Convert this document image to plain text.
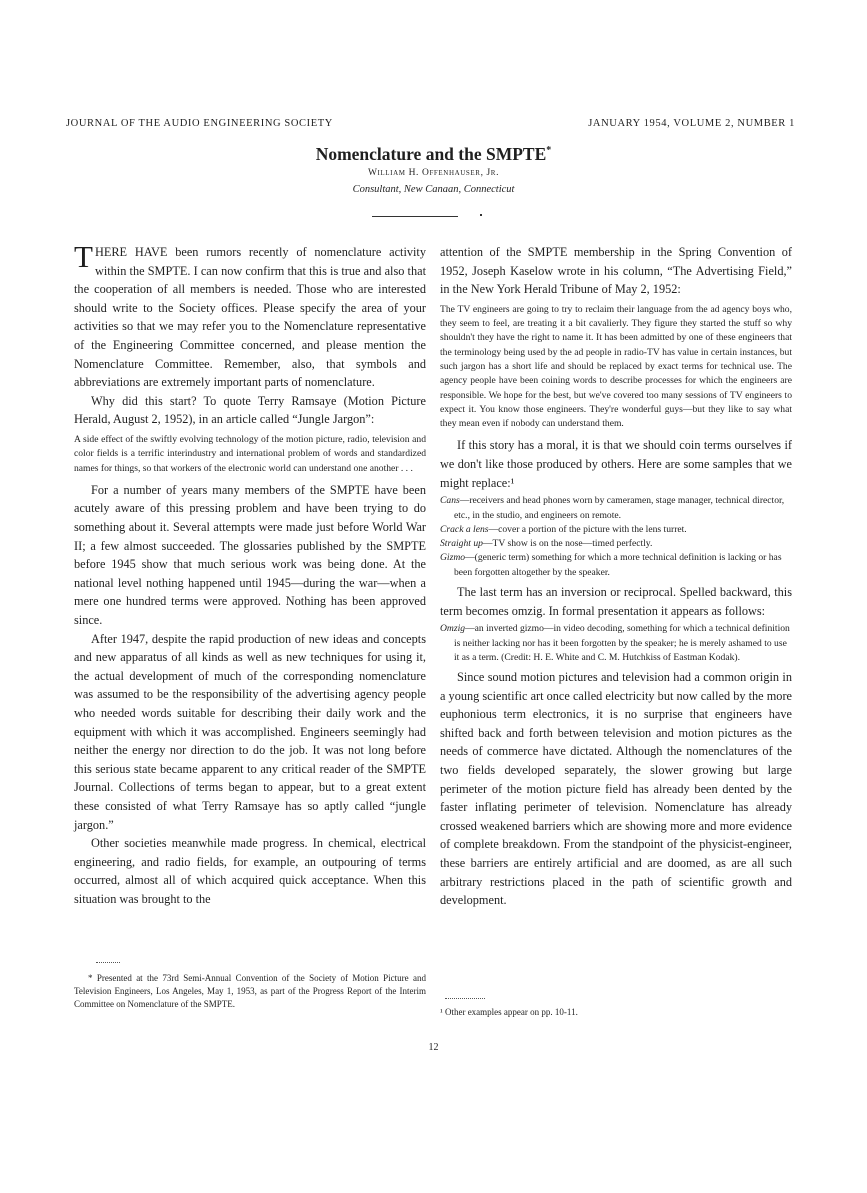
JOURNAL OF THE AUDIO ENGINEERING SOCIETY	JANUARY 1954, VOLUME 2, NUMBER 1
Nomenclature and the SMPTE*
William H. Offenhauser, Jr.
Consultant, New Canaan, Connecticut

THERE HAVE been rumors recently of nomenclature activity within the SMPTE. I can now confirm that this is true and also that the cooperation of all members is needed. Those who are interested should write to the Society offices. Please specify the area of your activities so that we may refer you to the Nomenclature representative of the Engineering Committee concerned, and please mention the Nomenclature Committee. Remember, also, that symbols and abbreviations are extremely important parts of nomenclature.

Why did this start? To quote Terry Ramsaye (Motion Picture Herald, August 2, 1952), in an article called “Jungle Jargon”:

A side effect of the swiftly evolving technology of the motion picture, radio, television and color fields is a terrific interindustry and international problem of words and standardized names for things, so that workers of the electronic world can understand one another . . .

For a number of years many members of the SMPTE have been acutely aware of this pressing problem and have been trying to do something about it. Several attempts were made just before World War II; a few almost succeeded. The glossaries published by the SMPTE before 1945 show that much serious work was being done. At the national level nothing happened until 1945—during the war—when a mere one hundred terms were approved. Nothing has been approved since.

After 1947, despite the rapid production of new ideas and concepts and new apparatus of all kinds as well as new techniques for using it, the actual development of much of the corresponding nomenclature was assumed to be the responsibility of the advertising agency people who needed words suitable for describing their daily work and the equipment with which it was accomplished. Engineers seemingly had neither the energy nor direction to do the job. It was not long before this serious state became apparent to any critical reader of the SMPTE Journal. Collections of terms began to appear, but to a great extent these consisted of what Terry Ramsaye has so aptly called “jungle jargon.”

Other societies meanwhile made progress. In chemical, electrical engineering, and radio fields, for example, an outpouring of terms occurred, almost all of which acquired quick acceptance. When this situation was brought to the

attention of the SMPTE membership in the Spring Convention of 1952, Joseph Kaselow wrote in his column, “The Advertising Field,” in the New York Herald Tribune of May 2, 1952:

The TV engineers are going to try to reclaim their language from the ad agency boys who, they seem to feel, are treating it a bit cavalierly. They figure they started the stuff so why shouldn't they have the right to name it. It has been admitted by one of these engineers that the terminology being used by the ad people in radio-TV has value in certain instances, but such jargon has a short life and should be replaced by exact terms for technical use. The agency people have been coining words to describe processes for which the engineers are responsible. We hope for the best, but we've covered too many sessions of TV engineers to expect it. You know those engineers. They're wonderful guys—but they like to say what they mean even if nobody can understand them.

If this story has a moral, it is that we should coin terms ourselves if we don't like those produced by others. Here are some samples that we might replace:¹

Cans—receivers and head phones worn by cameramen, stage manager, technical director, etc., in the studio, and engineers on remote.
Crack a lens—cover a portion of the picture with the lens turret.
Straight up—TV show is on the nose—timed perfectly.
Gizmo—(generic term) something for which a more technical definition is lacking or has been forgotten altogether by the speaker.

The last term has an inversion or reciprocal. Spelled backward, this term becomes omzig. In formal presentation it appears as follows:

Omzig—an inverted gizmo—in video decoding, something for which a technical definition is neither lacking nor has it been forgotten by the speaker; he is merely ashamed to use it as a term. (Credit: H. E. White and C. M. Hutchkiss of Eastman Kodak).

Since sound motion pictures and television had a common origin in a young scientific art once called electricity but now called by the more euphonious term electronics, it is no surprise that engineers have shifted back and forth between television and motion pictures as the needs of commerce have dictated. Although the nomenclatures of the two fields developed separately, the slower growing but large perimeter of the motion picture field has already been dented by the faster inflating perimeter of television. Nomenclature has already crossed weakened barriers which are showing more and more evidence of complete breakdown. From the standpoint of the physicist-engineer, these barriers are entirely artificial and are doomed, as are all such arbitrary restrictions placed in the path of scientific growth and development.

* Presented at the 73rd Semi-Annual Convention of the Society of Motion Picture and Television Engineers, Los Angeles, May 1, 1953, as part of the Progress Report of the Interim Committee on Nomenclature of the SMPTE.

¹ Other examples appear on pp. 10-11.
12
